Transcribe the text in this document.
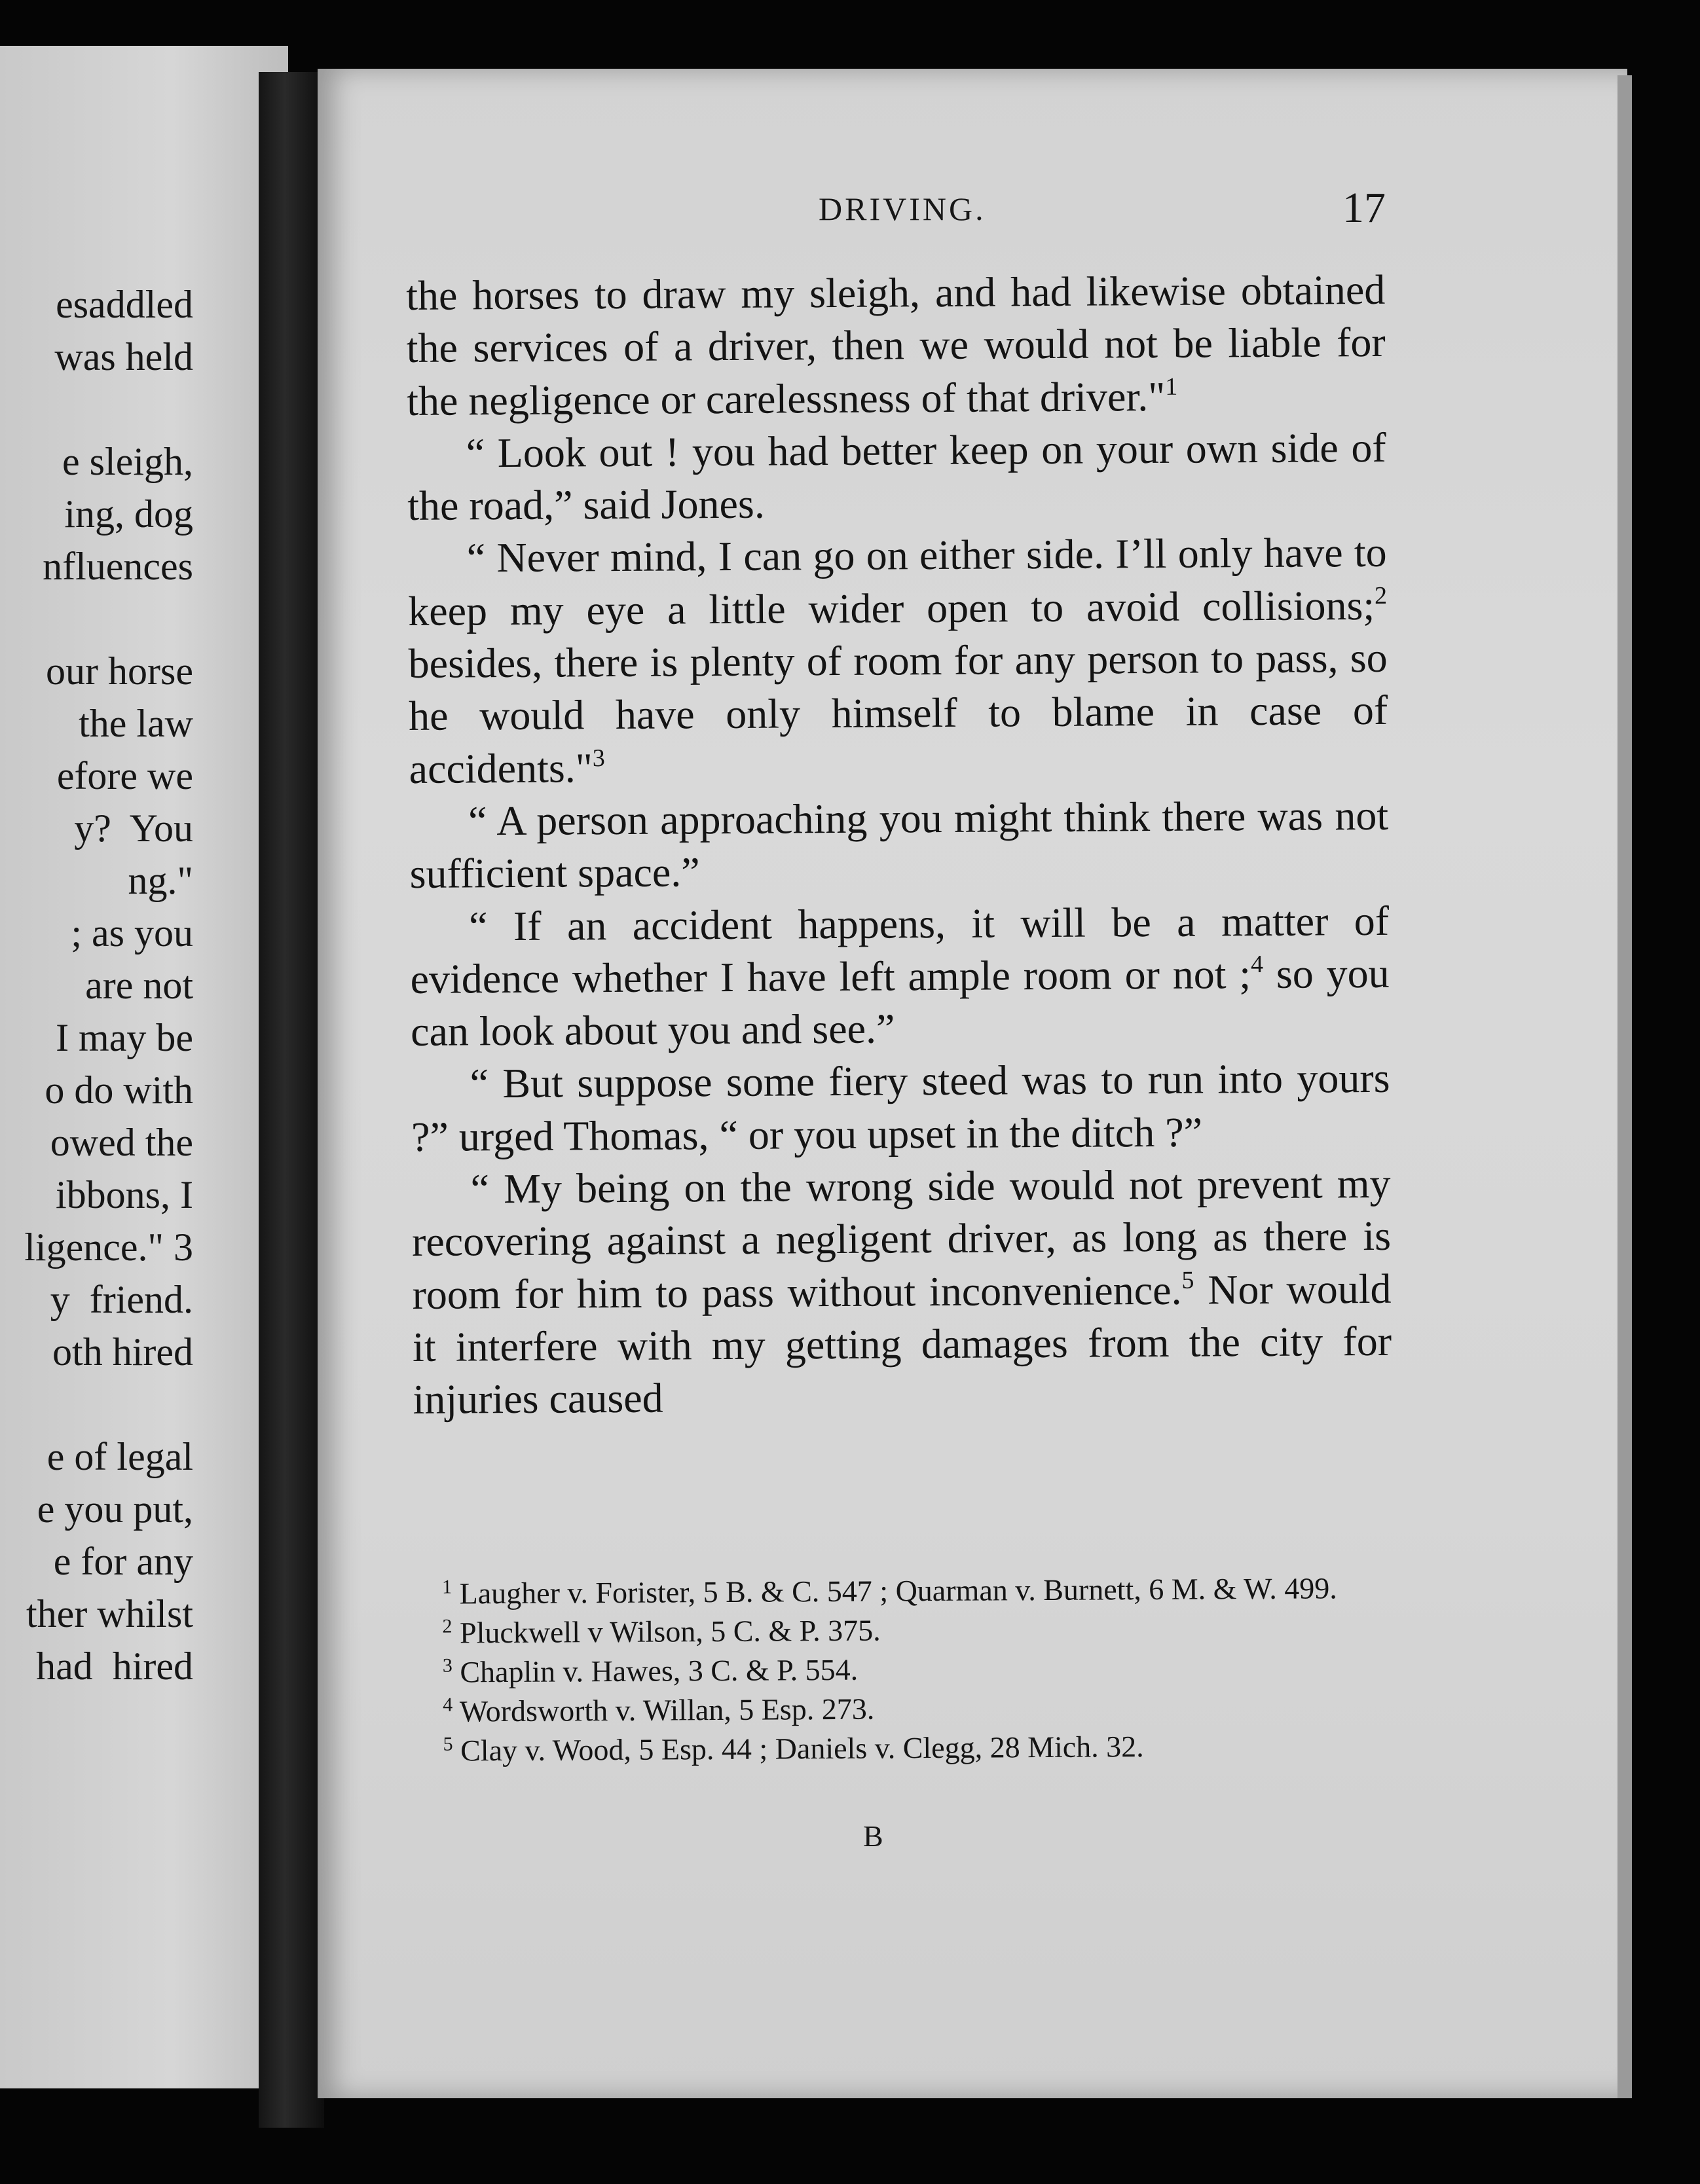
esaddled
was held

e sleigh,
ing, dog
nfluences

our horse
the law
efore we
y?  You
ng."
; as you
are not
I may be
o do with
owed the
ibbons, I
ligence." 3
y  friend.
oth hired

e of legal
e you put,
e for any
ther whilst
had  hired
DRIVING.	17

the horses to draw my sleigh, and had likewise obtained the services of a driver, then we would not be liable for the negligence or carelessness of that driver."$^1$

“ Look out ! you had better keep on your own side of the road,” said Jones.

“ Never mind, I can go on either side. I’ll only have to keep my eye a little wider open to avoid collisions;$^2$ besides, there is plenty of room for any person to pass, so he would have only himself to blame in case of accidents."$^3$

“ A person approaching you might think there was not sufficient space.”

“ If an accident happens, it will be a matter of evidence whether I have left ample room or not ;$^4$ so you can look about you and see.”

“ But suppose some fiery steed was to run into yours ?” urged Thomas, “ or you upset in the ditch ?”

“ My being on the wrong side would not prevent my recovering against a negligent driver, as long as there is room for him to pass without inconvenience.$^5$ Nor would it interfere with my getting damages from the city for injuries caused

$^1$ Laugher v. Forister, 5 B. & C. 547 ; Quarman v. Burnett, 6 M. & W. 499.

$^2$ Pluckwell v Wilson, 5 C. & P. 375.

$^3$ Chaplin v. Hawes, 3 C. & P. 554.

$^4$ Wordsworth v. Willan, 5 Esp. 273.

$^5$ Clay v. Wood, 5 Esp. 44 ; Daniels v. Clegg, 28 Mich. 32.

B
